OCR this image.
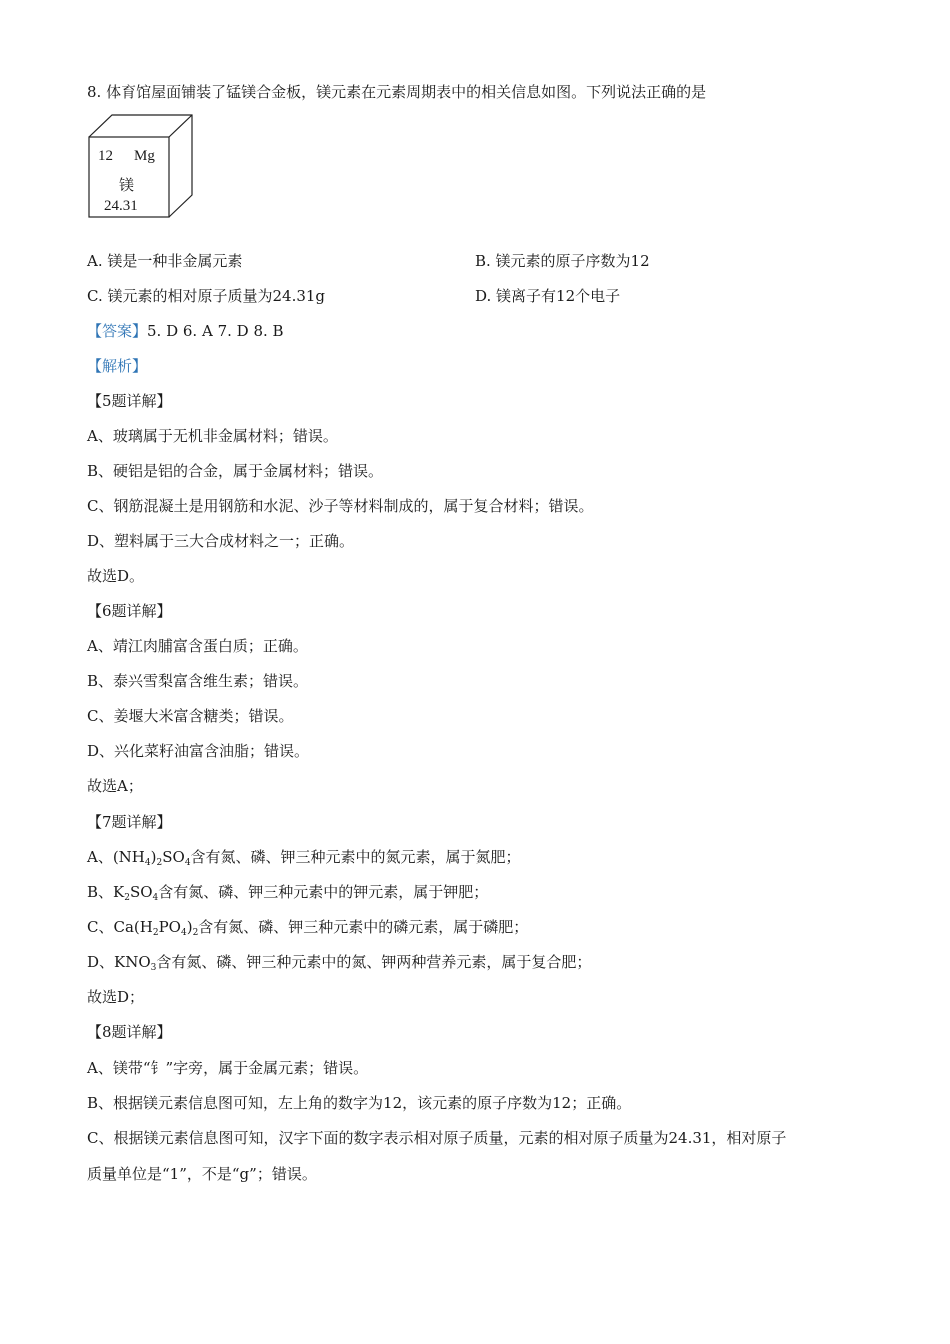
8. 体育馆屋面铺装了锰镁合金板，镁元素在元素周期表中的相关信息如图。下列说法正确的是
12 Mg
镁
24.31
A. 镁是一种非金属元素	B. 镁元素的原子序数为12
C. 镁元素的相对原子质量为24.31g	D. 镁离子有12个电子
【答案】5. D 6. A 7. D 8. B
【解析】
【5题详解】
A、玻璃属于无机非金属材料；错误。
B、硬铝是铝的合金，属于金属材料；错误。
C、钢筋混凝土是用钢筋和水泥、沙子等材料制成的，属于复合材料；错误。
D、塑料属于三大合成材料之一；正确。
故选D。
【6题详解】
A、靖江肉脯富含蛋白质；正确。
B、泰兴雪梨富含维生素；错误。
C、姜堰大米富含糖类；错误。
D、兴化菜籽油富含油脂；错误。
故选A；
【7题详解】
A、$(NH_4)_2SO_4$含有氮、磷、钾三种元素中的氮元素，属于氮肥；
B、$K_2SO_4$含有氮、磷、钾三种元素中的钾元素，属于钾肥；
C、$Ca(H_2PO_4)_2$含有氮、磷、钾三种元素中的磷元素，属于磷肥；
D、$KNO_3$含有氮、磷、钾三种元素中的氮、钾两种营养元素，属于复合肥；
故选D；
【8题详解】
A、镁带“钅”字旁，属于金属元素；错误。
B、根据镁元素信息图可知，左上角的数字为12，该元素的原子序数为12；正确。
C、根据镁元素信息图可知，汉字下面的数字表示相对原子质量，元素的相对原子质量为24.31，相对原子
质量单位是“1”，不是“g”；错误。
